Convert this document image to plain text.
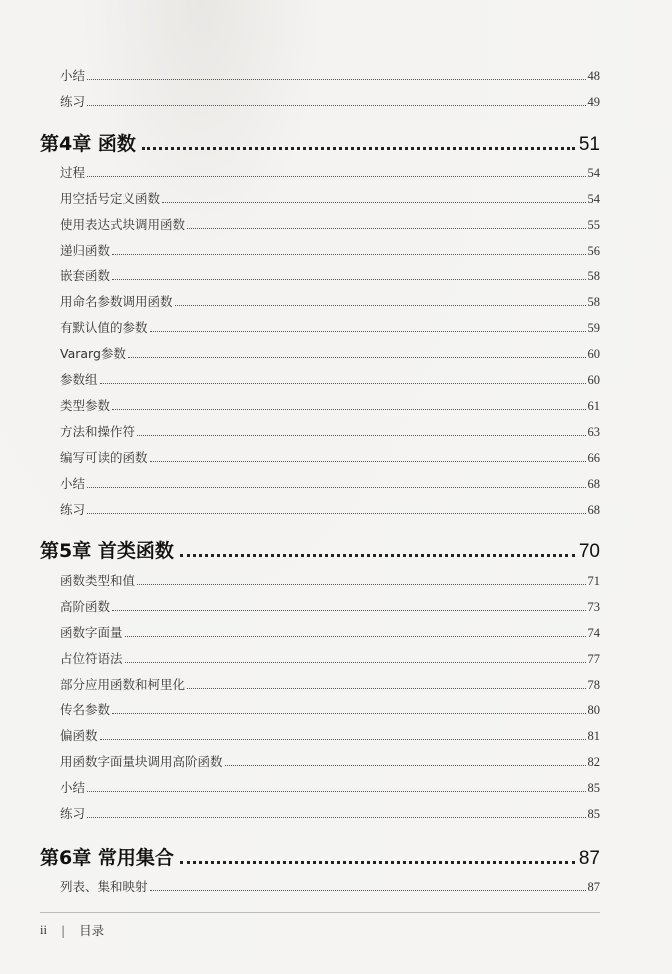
小结	48
练习	49
第4章 函数	51
过程	54
用空括号定义函数	54
使用表达式块调用函数	55
递归函数	56
嵌套函数	58
用命名参数调用函数	58
有默认值的参数	59
Vararg参数	60
参数组	60
类型参数	61
方法和操作符	63
编写可读的函数	66
小结	68
练习	68
第5章 首类函数	70
函数类型和值	71
高阶函数	73
函数字面量	74
占位符语法	77
部分应用函数和柯里化	78
传名参数	80
偏函数	81
用函数字面量块调用高阶函数	82
小结	85
练习	85
第6章 常用集合	87
列表、集和映射	87
ii | 目录
